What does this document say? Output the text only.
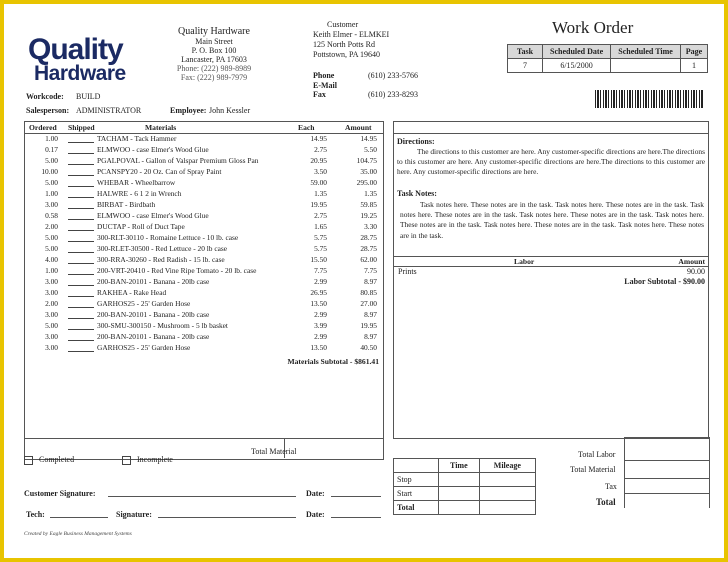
Quality
Hardware
Quality Hardware
Main Street
P. O. Box 100
Lancaster, PA 17603
Phone: (222) 989-8989
Fax: (222) 989-7979
Customer
Keith Elmer - ELMKEI
125 North Potts Rd
Pottstown, PA 19640
Phone	(610) 233-5766
E-Mail
Fax	(610) 233-8293
Work Order
Task	Scheduled Date	Scheduled Time	Page
7	6/15/2000		1
Workcode: BUILD
Salesperson: ADMINISTRATOR	Employee: John Kessler
Ordered Shipped	Materials	Each	Amount
1.00	TACHAM - Tack Hammer	14.95	14.95
0.17	ELMWOO - case Elmer's Wood Glue	2.75	5.50
5.00	PGALPOVAL - Gallon of Valspar Premium Gloss Pan	20.95	104.75
10.00	PCANSPY20 - 20 Oz. Can of Spray Paint	3.50	35.00
5.00	WHEBAR - Wheelbarrow	59.00	295.00
1.00	HALWRE - 6 1 2 in Wrench	1.35	1.35
3.00	BIRBAT - Birdbath	19.95	59.85
0.58	ELMWOO - case Elmer's Wood Glue	2.75	19.25
2.00	DUCTAP - Roll of Duct Tape	1.65	3.30
5.00	300-RLT-30110 - Romaine Lettuce - 10 lb. case	5.75	28.75
5.00	300-RLET-30500 - Red Lettuce - 20 lb case	5.75	28.75
4.00	300-RRA-30260 - Red Radish - 15 lb. case	15.50	62.00
1.00	200-VRT-20410 - Red Vine Ripe Tomato - 20 lb. case	7.75	7.75
3.00	200-BAN-20101 - Banana - 20lb case	2.99	8.97
3.00	RAKHEA - Rake Head	26.95	80.85
2.00	GARHOS25 - 25' Garden Hose	13.50	27.00
3.00	200-BAN-20101 - Banana - 20lb case	2.99	8.97
5.00	300-SMU-300150 - Mushroom - 5 lb basket	3.99	19.95
3.00	200-BAN-20101 - Banana - 20lb case	2.99	8.97
3.00	GARHOS25 - 25' Garden Hose	13.50	40.50
Materials Subtotal - $861.41
Total Material
Directions:
The directions to this customer are here. Any customer-specific directions are here.The directions to this customer are here. Any customer-specific directions are here.The directions to this customer are here. Any customer-specific directions are here.
Task Notes:
Task notes here. These notes are in the task. Task notes here. These notes are in the task. Task notes here. These notes are in the task. Task notes here. These notes are in the task. Task notes here. These notes are in the task. Task notes here. These notes are in the task. Task notes here. These notes are in the task.
Labor	Amount
Prints	90.00
Labor Subtotal - $90.00
Completed	Incomplete
	Time	Mileage
Stop		
Start		
Total		
Total Labor
Total Material
Tax
Total
Customer Signature:	Date:
Tech:	Signature:	Date:
Created by Eagle Business Management Systems
